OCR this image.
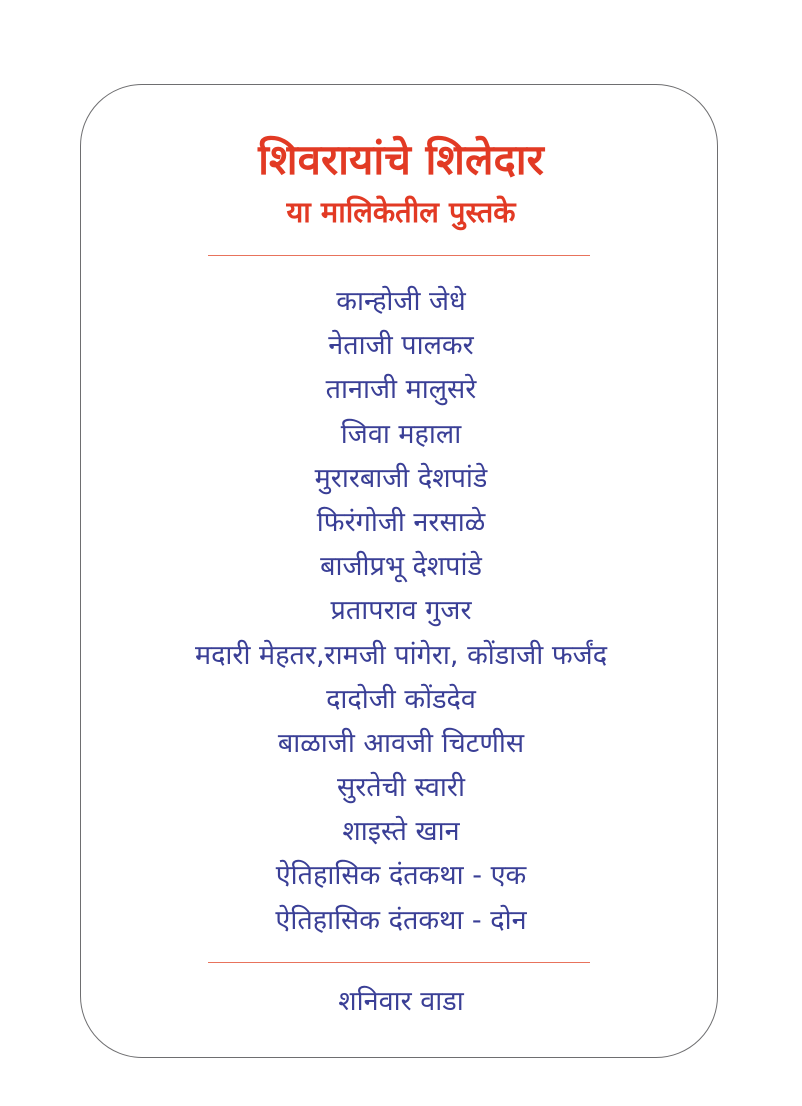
शिवरायांचे शिलेदार
या मालिकेतील पुस्तके
कान्होजी जेधे
नेताजी पालकर
तानाजी मालुसरे
जिवा महाला
मुरारबाजी देशपांडे
फिरंगोजी नरसाळे
बाजीप्रभू देशपांडे
प्रतापराव गुजर
मदारी मेहतर,रामजी पांगेरा, कोंडाजी फर्जंद
दादोजी कोंडदेव
बाळाजी आवजी चिटणीस
सुरतेची स्वारी
शाइस्ते खान
ऐतिहासिक दंतकथा - एक
ऐतिहासिक दंतकथा - दोन
शनिवार वाडा
